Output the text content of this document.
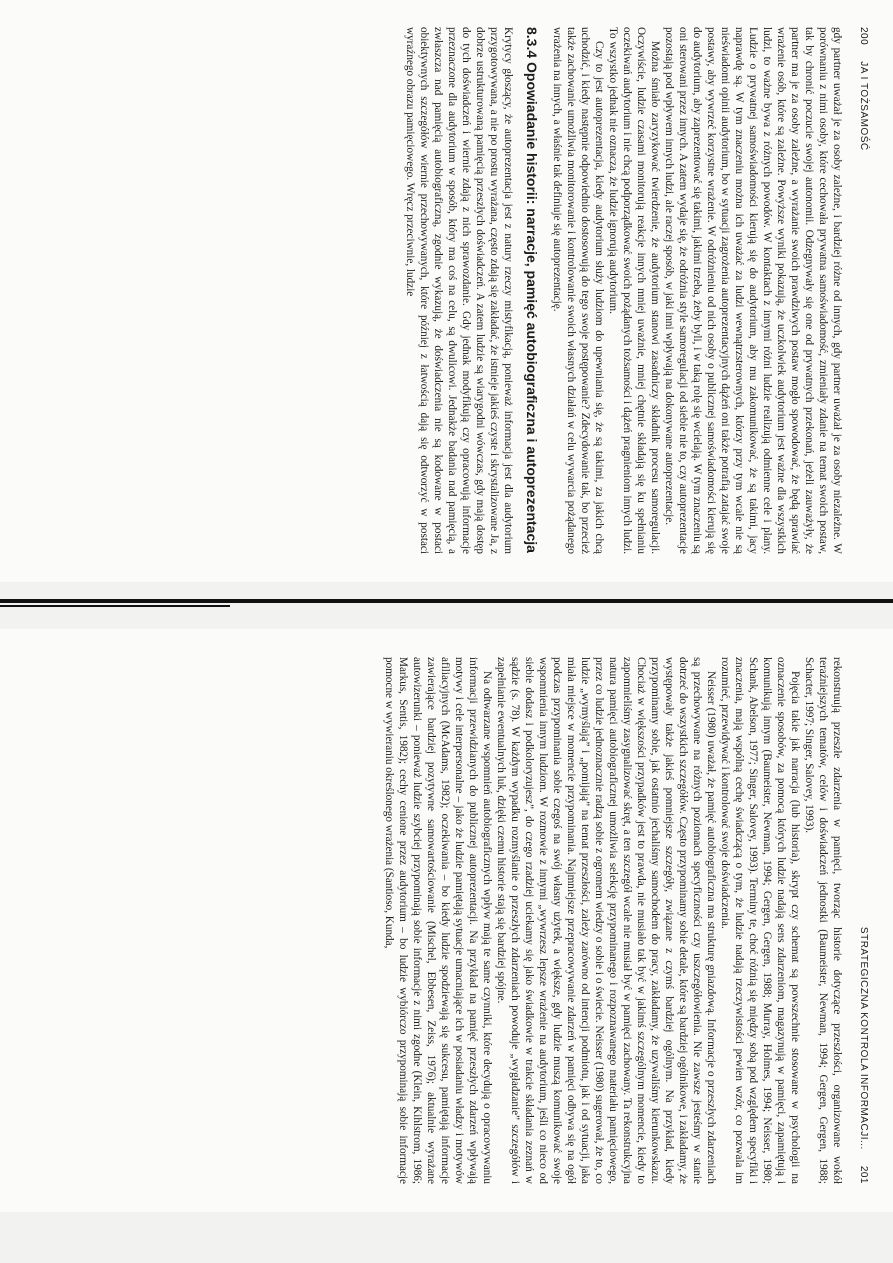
200
JA I TOŻSAMOŚĆ

gdy partner uważał je za osoby zależne, i bardziej różne od innych, gdy partner uważał je za osoby niezależne. W porównaniu z nimi osoby, które cechowała prywatna samoświadomość, zmieniały zdanie na temat swoich postaw, tak by chronić poczucie swojej autonomii. Odzegnywały się one od prywatnych przekonań, jeżeli zauważyły, że partner ma je za osoby zależne, a wyrażanie swoich prawdziwych postaw mogło spowodować, że będą sprawiać wrażenie osób, które są zależne. Powyższe wyniki pokazują, że uczkolwiek audytorium jest ważne dla wszystkich ludzi, to ważne bywa z różnych powodów. W kontaktach z innymi różni ludzie realizują odmienne cele i plany. Ludzie o prywatnej samoświadomości kierują się do audytorium, aby mu zakomunikować, że są takimi, jacy naprawdę są. W tym znaczeniu można ich uważać za ludzi wewnątrzsterownych, którzy przy tym wcale nie są nieświadomi opinii audytorium, bo w sytuacji zagrożenia autoprezentacyjnych dążeń oni także potrafią zatajać swoje postawy, aby wywrzeć korzystne wrażenie. W odróżnieniu od nich osoby o publicznej samoświadomości kierują się do audytorium, aby zaprezentować się takimi, jakimi trzeba, żeby byli, i w taką rolę się wcielają. W tym znaczeniu są oni sterowani przez innych. A zatem wydaje się, że odróżnia style samoregulacji od siebie nie to, czy autoprezentacje pozostają pod wpływem innych ludzi, ale raczej sposób, w jaki inni wpływają na dokonywane autoprezentacje.

Można śmiało zaryzykować twierdzenie, że audytorium stanowi zasadniczy składnik procesu samoregulacji. Oczywiście, ludzie czasami monitorują reakcje innych mniej uważnie, mniej chętnie składają się ku spełnianiu oczekiwań audytorium i nie chcą podporządkować swoich pożądanych tożsamości i dążeń pragnieniom innych ludzi. To wszystko jednak nie oznacza, że ludzie ignorują audytorium.

Czy to jest autoprezentacja, kiedy audytorium służy ludziom do upewniania się, że są takimi, za jakich chcą uchodzić, i kiedy następnie odpowiednio dostosowują do tego swoje postępowanie? Zdecydowanie tak, bo przecież także zachowanie umożliwia monitorowanie i kontrolowanie swoich własnych działań w celu wywarcia pożądanego wrażenia na innych, a właśnie tak definiuje się autoprezentację.

8.3.4 Opowiadanie historii: narracje, pamięć autobiograficzna i autoprezentacja

Krytycy głoszący, że autoprezentacja jest z natury rzeczy mistyfikacją, ponieważ informacja jest dla audytorium przygotowywana, a nie po prostu wyrażana, często zdają się zakładać, że istnieje jakieś czyste i skrystalizowane Ja, z dobrze ustrukturowaną pamięcią przeszłych doświadczeń. A zatem ludzie są wiarygodni wówczas, gdy mają dostęp do tych doświadczeń i wiernie zdają z nich sprawozdanie. Gdy jednak modyfikują czy opracowują informacje przeznaczone dla audytorium w sposób, który ma coś na celu, są dwulicowi. Jednakże badania nad pamięcią, a zwłaszcza nad pamięcią autobiograficzną, zgodnie wykazują, że doświadczenia nie są kodowane w postaci obiektywnych szczegółów wiernie przechowywanych, które później z łatwością dają się odtworzyć w postaci wyraźnego obrazu pamięciowego. Wręcz przeciwnie, ludzie

STRATEGICZNA KONTROLA INFORMACJI...
201

rekonstruują przeszłe zdarzenia w pamięci, tworząc historie dotyczące przeszłości, organizowane wokół teraźniejszych tematów, celów i doświadczeń jednostki (Baumeister, Newman, 1994; Gergen, Gergen, 1988; Schacter, 1997; Singer, Salovey, 1993).

Pojęcia takie jak narracja (lub historia), skrypt czy schemat są powszechnie stosowane w psychologii na oznaczenie sposobów, za pomocą których ludzie nadają sens zdarzeniom, magazynują w pamięci, zapamiętują i komunikują innym (Baumeister, Newman, 1994; Gergen, Gergen, 1988; Murray, Holmes, 1994; Neisser, 1980; Schank, Abelson, 1977; Singer, Salovey, 1993). Terminy te, choć różnią się między sobą pod względem specyfiki i znaczenia, mają wspólną cechę świadczącą o tym, że ludzie nadają rzeczywistości pewien wzór, co pozwala im rozumieć, przewidywać i kontrolować swoje doświadczenia.

Neisser (1980) uważał, że pamięć autobiograficzna ma strukturę gniazdową. Informacje o przeszłych zdarzeniach są przechowywane na różnych poziomach specyficzności czy uszczegółowienia. Nie zawsze jesteśmy w stanie dotrzeć do wszystkich szczegółów. Często przypominamy sobie detale, które są bardziej ogólnikowe, i zakładamy, że występowały także jakieś pomniejsze szczegóły, związane z czymś bardziej ogólnym. Na przykład, kiedy przypominamy sobie, jak ostatnio jechaliśmy samochodem do pracy, zakładamy, że uzywaliśmy kierunkowskazu. Chociaż w większości przypadków jest to prawda, nie musiało tak być w jakimś szczególnym momencie, kiedy to zapomnieliśmy zasygnalizować skręt, a ten szczegół wcale nie musiał być w pamięci zachowany. Ta rekonstrukcyjna natura pamięci autobiograficznej umożliwia selekcję przypominanego i rozpoznawanego materiału pamięciowego, przez co ludzie jednoznacznie radzą sobie z ogromem wiedzy o sobie i o świecie. Neisser (1980) sugerował, że to, co ludzie „wymyślają” i „pomijają” na temat przeszłości, zależy zarówno od intencji podmiotu, jak i od sytuacji, jaka miała miejsce w momencie przypominania. Najmniejsze przepracowywanie zdarzeń w pamięci odbywa się na ogół podczas przypominania sobie czegoś na swój własny użytek, a większe, gdy ludzie muszą komunikować swoje wspomnienia innym ludziom. W rozmowie z innymi „wywrzesz lepsze wrażenie na audytorium, jeśli co nieco od siebie dodasz i podkoloryzujesz”, do czego rzadziej uciekamy się jako świadkowie w trakcie składania zeznań w sądzie (s. 78). W każdym wypadku rozmyślanie o przeszłych zdarzeniach powoduje „wygładzanie” szczegółów i zapełnianie ewentualnych luk, dzięki czemu historie stają się bardziej spójne.

Na odtwarzane wspomnień autobiograficznych wpływ mają te same czynniki, które decydują o opracowywaniu informacji przewidzianych do publicznej autoprezentacji. Na przykład na pamięć przeszłych zdarzeń wpływają motywy i cele interpersonalne – jako że ludzie pamiętają sytuacje umacniające ich w posiadaniu władzy i motywów afiliacyjnych (McAdams, 1982); oczekiwania – bo kiedy ludzie spodziewają się sukcesu, pamiętają informacje zawierające bardziej pozytywne samowartościowanie (Mischel, Ebbesen, Zeiss, 1976); aktualnie wyrażane autowizerunki – ponieważ ludzie szybciej przypominają sobie informacje z nimi zgodne (Klein, Kihlstrom, 1986; Markus, Sentis, 1982); cechy cenione przez audytorium – bo ludzie wybiórczo przypominają sobie informacje pomocne w wywieraniu określonego wrażenia (Santioso, Kunda,
